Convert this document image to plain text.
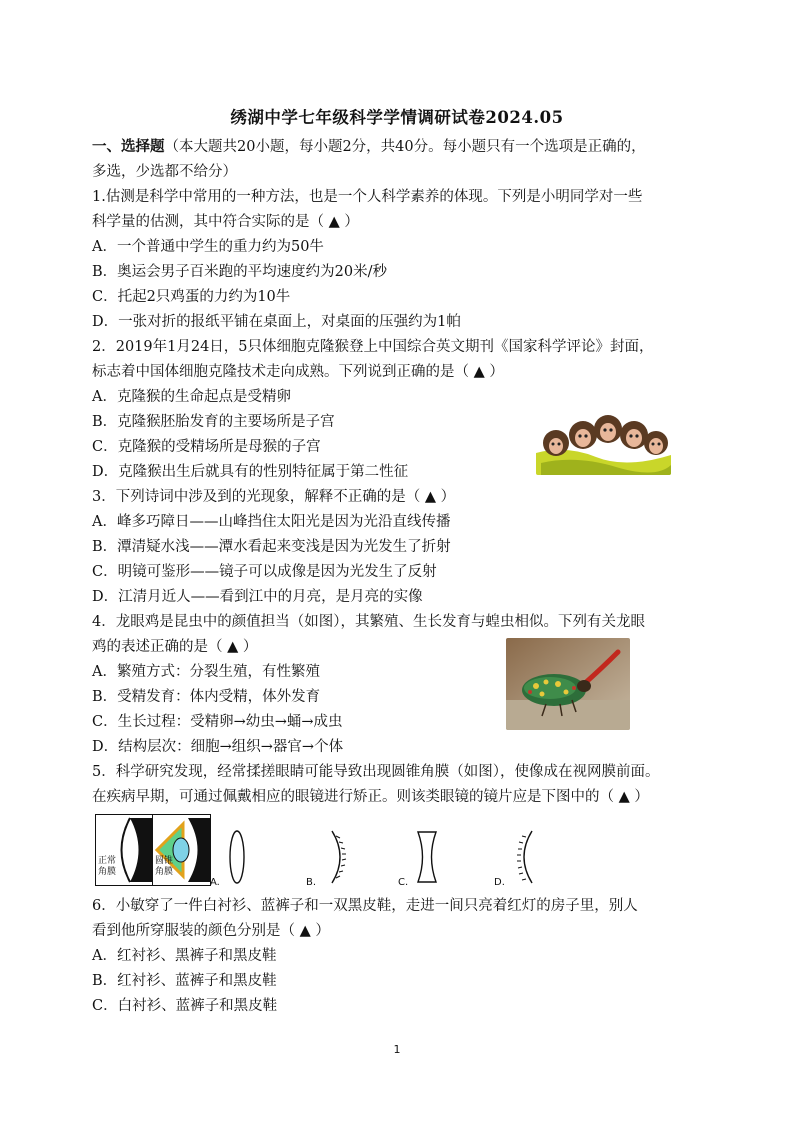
绣湖中学七年级科学学情调研试卷2024.05
一、选择题（本大题共20小题，每小题2分，共40分。每小题只有一个选项是正确的，
多选，少选都不给分）
1.估测是科学中常用的一种方法，也是一个人科学素养的体现。下列是小明同学对一些
科学量的估测，其中符合实际的是（ ▲ ）
A．一个普通中学生的重力约为50牛
B．奥运会男子百米跑的平均速度约为20米/秒
C．托起2只鸡蛋的力约为10牛
D．一张对折的报纸平铺在桌面上，对桌面的压强约为1帕
2．2019年1月24日，5只体细胞克隆猴登上中国综合英文期刊《国家科学评论》封面，
标志着中国体细胞克隆技术走向成熟。下列说到正确的是（ ▲ ）
A．克隆猴的生命起点是受精卵
B．克隆猴胚胎发育的主要场所是子宫
C．克隆猴的受精场所是母猴的子宫
D．克隆猴出生后就具有的性别特征属于第二性征
3．下列诗词中涉及到的光现象，解释不正确的是（ ▲ ）
A．峰多巧障日——山峰挡住太阳光是因为光沿直线传播
B．潭清疑水浅——潭水看起来变浅是因为光发生了折射
C．明镜可鉴形——镜子可以成像是因为光发生了反射
D．江清月近人——看到江中的月亮，是月亮的实像
4．龙眼鸡是昆虫中的颜值担当（如图），其繁殖、生长发育与蝗虫相似。下列有关龙眼
鸡的表述正确的是（ ▲ ）
A．繁殖方式：分裂生殖，有性繁殖
B．受精发育：体内受精，体外发育
C．生长过程：受精卵→幼虫→蛹→成虫
D．结构层次：细胞→组织→器官→个体
5．科学研究发现，经常揉搓眼睛可能导致出现圆锥角膜（如图），使像成在视网膜前面。
在疾病早期，可通过佩戴相应的眼镜进行矫正。则该类眼镜的镜片应是下图中的（ ▲ ）
正常角膜
圆锥角膜
A.	B.	C.	D.
6．小敏穿了一件白衬衫、蓝裤子和一双黑皮鞋，走进一间只亮着红灯的房子里，别人
看到他所穿服装的颜色分别是（ ▲ ）
A．红衬衫、黑裤子和黑皮鞋
B．红衬衫、蓝裤子和黑皮鞋
C．白衬衫、蓝裤子和黑皮鞋
1
